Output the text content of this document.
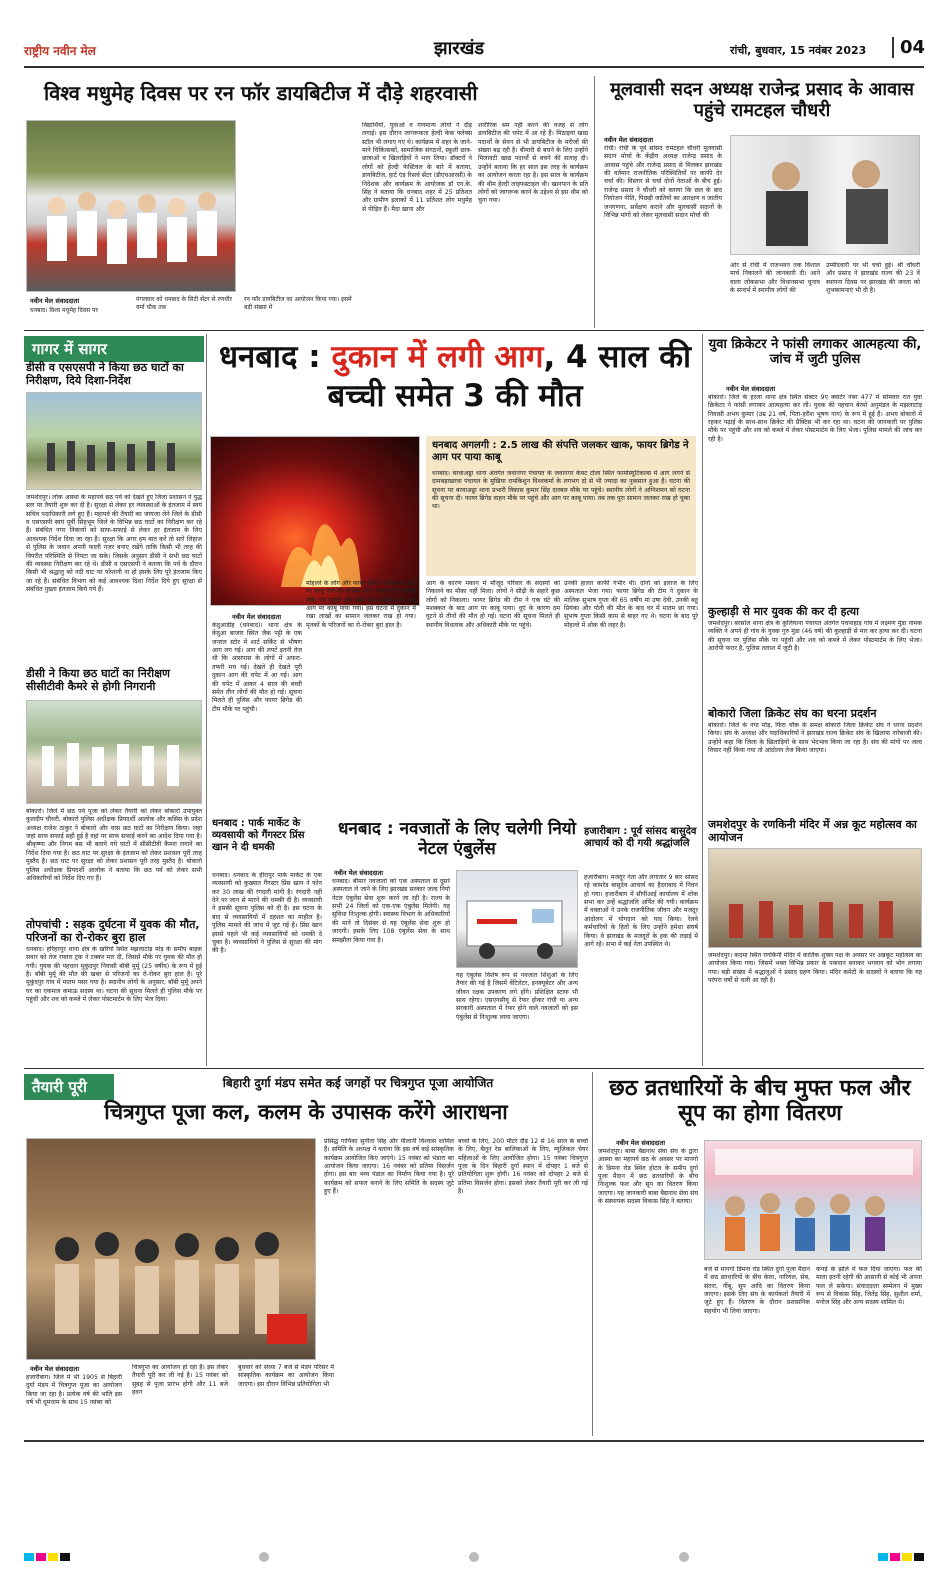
राष्ट्रीय नवीन मेल	झारखंड	रांची, बुधवार, 15 नवंबर 2023	04
विश्व मधुमेह दिवस पर रन फॉर डायबिटीज में दौड़े शहरवासी
नवीन मेल संवाददाता
धनबाद। विश्व मधुमेह दिवस पर
मंगलवार को धनबाद के सिटी सेंटर से रणधीर वर्मा चौक तक
रन फॉर डायबिटीज का आयोजन किया गया। इसमें बड़ी संख्या में
विद्यार्थियों, युवाओं व गणमान्य लोगों ने दौड़ लगाई। इस दौरान जागरूकता हेल्दी केक फ्लेक्स स्टॉल भी लगाए गए थे। कार्यक्रम में शहर के जाने-माने चिकित्सकों, सामाजिक संगठनों, स्कूली छात्र-छात्राओं व खिलाड़ियों ने भाग लिया। डॉक्टरों ने लोगों को हेल्दी फेस्टिवल के बारे में बताया, डायबिटीज, हार्ट एंड रिसर्च सेंटर (डीएचआरसी) के निदेशक और कार्यक्रम के आयोजक डॉ एन.के. सिंह ने बताया कि धनबाद शहर में 25 प्रतिशत और ग्रामीण इलाकों में 11 प्रतिशत लोग मधुमेह से पीड़ित हैं। मैदा खाना और
शारीरिक श्रम नहीं करने की वजह से लोग डायबिटीज की चपेट में आ रहे हैं। मिठाइयां खाद्य पदार्थों के सेवन से भी डायबिटीज के मरीजों की संख्या बढ़ रही है। बीमारी से बचने के लिए उन्होंने मिलावटी खाद्य पदार्थों से बचने की सलाह दी। उन्होंने बताया कि हर साल इस तरह के कार्यक्रम का आयोजन करता रहा है। इस साल के कार्यक्रम की थीम हेल्दी लाइफस्टाइल थी। खानपान के प्रति लोगों को जागरूक करने के उद्देश्य से इस थीम को चुना गया।
मूलवासी सदन अध्यक्ष राजेन्द्र प्रसाद के आवास पहुंचे रामटहल चौधरी
नवीन मेल संवाददाता
रांची। रांची के पूर्व सांसद रामटहल चौधरी मूलवासी सदान मोर्चा के केंद्रीय अध्यक्ष राजेन्द्र प्रसाद के आवास पहुंचे और राजेन्द्र प्रसाद से मिलकर झारखंड की वर्तमान राजनीतिक परिस्थितियों पर काफी देर चर्चा की। विस्तार से चर्चा दोनों नेताओं के बीच हुई। राजेन्द्र प्रसाद ने चौधरी को बताया कि छल के बाद नियोजन नीति, पिछड़ी जातियों का आरक्षण व जातीय जनगणना, सर्वेक्षण कराने और मूलवासी सदानों के विभिन्न मांगों को लेकर मूलवासी सदान मोर्चा की
ओर से रांची में राजभवन तक विशाल मार्च निकालने की जानकारी दी। आने वाला लोकसभा और विधानसभा चुनाव के सन्दर्भ में स्थानीय लोगों की
उम्मीदवारी पर भी चर्चा हुई। श्री चौधरी और प्रसाद ने झारखंड राज्य की 23 वें स्थापना दिवस पर झारखंड की जनता को शुभकामनाएं भी दी है।
गागर में सागर
डीसी व एसएसपी ने किया छठ घाटों का निरीक्षण, दिये दिशा-निर्देश
जमशेदपुर। लोक आस्था के महापर्व छठ पर्व को देखते हुए जिला प्रशासन ने युद्ध स्तर पर तैयारी शुरू कर दी है। सुरक्षा से लेकर हर व्यवस्थाओं के इंतजाम में स्वयं सचिव पदाधिकारी लगे हुए हैं। महापर्व की तैयारी का जायजा लेने जिले के डीसी व एसएसपी स्वयं पूर्वी सिंहभूम जिले के विभिन्न छठ घाटों का निरीक्षण कर रहे हैं। संबंधित नगर निकायों को साफ-सफाई से लेकर हर इंतजाम के लिए आवश्यक निर्देश दिया जा रहा है। सुरक्षा कि अगर हम बात करें तो सारे लिहाज से पुलिस के जवान अपनी फाली नजर बनाए रखेंगे ताकि किसी भी तरह की विपरीत परिस्थिति से निपटा जा सके। जिसके अनुसार डीसी ने सभी छठ घाटों की व्यवस्था निरीक्षण कर रहे थे। डीसी व एसएसपी ने बताया कि पर्व के दौरान किसी भी श्रद्धालु को नदी घाट पर परेशानी ना हो इसके लिए पूरे इंतजाम किए जा रहे हैं। संबंधित विभाग को कई आवश्यक दिशा निर्देश दिये हुए सुरक्षा से संबंधित पुख्ता इंतजाम किये गये हैं।
डीसी ने किया छठ घाटों का निरीक्षण सीसीटीवी कैमरे से होगी निगरानी
बोकारो। जिले में छठ पर्व पूजा को लेकर तैयारी को लेकर बोकारो उपायुक्त कुलदीप चौधरी, बोकारो पुलिस अधीक्षक प्रियदर्शी आलोक और कसिस के प्रदेश अध्यक्ष राजेश ठाकुर ने बोकारो और चास छठ घाटों का निरीक्षण किया। जहां जहां साफ सफाई सही हुई है वहां पर साफ सफाई करने का आदेश दिया गया है। श्रीकृष्णा और निगम बस भी बताये गये घाटों में सीसीटीवी कैमरा लगाने का निर्देश दिया गया है। छठ घाट पर सुरक्षा के इंतजाम को लेकर प्रशासन पूरी तरह मुस्तैद है। छठ घाट पर सुरक्षा को लेकर प्रशासन पूरी तरह मुस्तैद है। बोकारो पुलिस अधीक्षक प्रियदर्शी आलोक ने बताया कि छठ पर्व को लेकर सभी अधिकारियों को निर्देश दिए गए हैं।
तोपचांची : सड़क दुर्घटना में युवक की मौत, परिजनों का रो-रोकर बुरा हाल
धनबाद। हरिहरपुर थाना क्षेत्र के खरियो स्थित मझलाटांड़ मोड़ के समीप बाइक सवार को तेज रफ्तार ट्रक ने टक्कर मार दी, जिससे मौके पर युवक की मौत हो गयी। युवक की पहचान मुकुंदपुर निवासी बॉबी मुर्मू (25 वर्षीय) के रूप में हुई है। बॉबी मुर्मू की मौत की खबर से परिजनों का रो-रोकर बुरा हाल है। पूरे मुकुंदपुर गांव में मातम पसर गया है। स्थानीय लोगों के अनुसार, बॉबी मुर्मू अपने घर का एकमात्र कमाऊ सदस्य था। घटना की सूचना मिलते ही पुलिस मौके पर पहुंची और शव को कब्जे में लेकर पोस्टमार्टम के लिए भेज दिया।
धनबाद : दुकान में लगी आग, 4 साल की बच्ची समेत 3 की मौत
धनबाद अगलगी : 2.5 लाख की संपत्ति जलकर खाक, फायर ब्रिगेड ने आग पर पाया काबू
धनबाद। बरवाअड्डा थाना अंतर्गत जवानगर पंचायत के जवानगर केवट टोला स्थित फार्मास्यूटिकल्स में आग लगने से दामबड़ाखरवा पंचायत के मुखिया रामकिशुन विश्वकर्मा के लगभग दो से भी ज्यादा का नुकसान हुआ है। घटना की सूचना पर बरवाअड्डा थाना प्रभारी विकास कुमार सिंह दलबल मौके पर पहुंचे। स्थानीय लोगों ने अग्निशमन को घटना की सूचना दी। फायर ब्रिगेड वाहन मौके पर पहुंचे और आग पर काबू पाया। तब तक पूरा सामान जलकर राख हो चुका था।
नवीन मेल संवाददाता
केंदुआडीह (धनबाद)। थाना क्षेत्र के केंदुआ बाजार स्थित जैक पट्टी के एक जनरल स्टोर में शार्ट सर्किट से भीषण आग लग गई। आग की लपटें इतनी तेज थी कि आसपास के लोगों में अफरा-तफरी मच गई। देखते ही देखते पूरी दुकान आग की चपेट में आ गई। आग की चपेट में आकर 4 साल की बच्ची समेत तीन लोगों की मौत हो गई। सूचना मिलते ही पुलिस और फायर ब्रिगेड की टीम मौके पर पहुंची।
मोहल्ले के लोग और फायर ब्रिगेड ने मिलकर आग पर काबू पाने की कोशिश की। दमकल की गाड़ियां मौके पर पहुंची और घंटों की मशक्कत के बाद आग पर काबू पाया गया। इस घटना में दुकान में रखा लाखों का सामान जलकर राख हो गया। मृतकों के परिजनों का रो-रोकर बुरा हाल है।
आग के कारण मकान में मौजूद परिवार के सदस्यों को निकलने का मौका नहीं मिला। लोगों ने सीढ़ी के सहारे कुछ लोगों को निकाला। फायर ब्रिगेड की टीम ने एक घंटे की मशक्कत के बाद आग पर काबू पाया। धुएं के कारण दम घुटने से तीनों की मौत हो गई। घटना की सूचना मिलते ही स्थानीय विधायक और अधिकारी मौके पर पहुंचे।
उनकी हालत काफी गंभीर थी। दोनों को इलाज के लिए अस्पताल भेजा गया। फायर ब्रिगेड की टीम ने दुकान के मालिक सुभाष गुप्ता की 65 वर्षीय मां उषा देवी, उनकी बहू प्रियंका और पोती की मौत के बाद घर में मातम छा गया। सुभाष गुप्ता किसी काम से बाहर गए थे। घटना के बाद पूरे मोहल्ले में शोक की लहर है।
धनबाद : पार्क मार्केट के व्यवसायी को गैंगस्टर प्रिंस खान ने दी धमकी
धनबाद। धनबाद के हीरापुर पार्क मार्केट के एक व्यवसायी को कुख्यात गैंगस्टर प्रिंस खान ने फोन कर 30 लाख की रंगदारी मांगी है। रंगदारी नहीं देने पर जान से मारने की धमकी दी है। व्यवसायी ने इसकी सूचना पुलिस को दी है। इस घटना के बाद से व्यवसायियों में दहशत का माहौल है। पुलिस मामले की जांच में जुट गई है। प्रिंस खान इससे पहले भी कई व्यवसायियों को धमकी दे चुका है। व्यवसायियों ने पुलिस से सुरक्षा की मांग की है।
धनबाद : नवजातों के लिए चलेगी नियो नेटल एंबुलेंस
नवीन मेल संवाददाता
धनबाद। बीमार नवजातों को एक अस्पताल से दूसरे अस्पताल ले जाने के लिए झारखंड सरकार जल्द नियो नेटल एंबुलेंस सेवा शुरू करने जा रही है। राज्य के सभी 24 जिलों को एक-एक एंबुलेंस मिलेगी। यह सुविधा निःशुल्क होगी। स्वास्थ्य विभाग के अधिकारियों की मानें तो दिसंबर से यह एंबुलेंस सेवा शुरू हो जाएगी। इसके लिए 108 एंबुलेंस सेवा के साथ समझौता किया गया है।
यह एंबुलेंस विशेष रूप से नवजात शिशुओं के लिए तैयार की गई है जिसमें वेंटिलेटर, इनक्यूबेटर और अन्य जीवन रक्षक उपकरण लगे होंगे। प्रशिक्षित स्टाफ भी साथ रहेगा। एसएनसीयू से रेफर होकर रांची या अन्य सरकारी अस्पताल में रेफर होने वाले नवजातों को इस एंबुलेंस से निःशुल्क लाया जाएगा।
हजारीबाग : पूर्व सांसद बासुदेव आचार्य को दी गयी श्रद्धांजलि
हजारीबाग। मजदूर नेता और लगातार 9 बार सांसद रहे कामरेड बासुदेव आचार्य का हैदराबाद में निधन हो गया। हजारीबाग में सीपीआई कार्यालय में शोक सभा कर उन्हें श्रद्धांजलि अर्पित की गयी। कार्यक्रम में वक्ताओं ने उनके राजनीतिक जीवन और मजदूर आंदोलन में योगदान को याद किया। रेलवे कर्मचारियों के हितों के लिए उन्होंने हमेशा संघर्ष किया। वे झारखंड के मजदूरों के हक की लड़ाई में आगे रहे। सभा में कई नेता उपस्थित थे।
युवा क्रिकेटर ने फांसी लगाकर आत्महत्या की, जांच में जुटी पुलिस
नवीन मेल संवाददाता
बोकारो। जिले के हरला थाना क्षेत्र स्थित सेक्टर 9ए क्वार्टर नंबर 477 में सोमवार रात युवा क्रिकेटर ने फांसी लगाकर आत्महत्या कर ली। युवक की पहचान बेरमो अनुमंडल के मझलाटांड़ निवासी अभय कुमार (उम्र 21 वर्ष, पिता-हरीश भूषण नाग) के रूप में हुई है। अभय बोकारो में रहकर पढ़ाई के साथ-साथ क्रिकेट की प्रैक्टिस भी कर रहा था। घटना की जानकारी पर पुलिस मौके पर पहुंची और शव को कब्जे में लेकर पोस्टमार्टम के लिए भेजा। पुलिस मामले की जांच कर रही है।
कुल्हाड़ी से मार युवक की कर दी हत्या
जमशेदपुर। बरसोल थाना क्षेत्र के कुलियाना पंचायत अंतर्गत पचपाहाड़ गांव में लक्ष्मण मुंडा नामक व्यक्ति ने अपने ही गांव के युवक गुरु मुंडा (46 वर्ष) की कुल्हाड़ी से मार कर हत्या कर दी। घटना की सूचना पर पुलिस मौके पर पहुंची और शव को कब्जे में लेकर पोस्टमार्टम के लिए भेजा। आरोपी फरार है, पुलिस तलाश में जुटी है।
बोकारो जिला क्रिकेट संघ का धरना प्रदर्शन
बोकारो। जिले के नया मोड़, फिरा चौक के समक्ष बोकारो जिला क्रिकेट संघ ने धरना प्रदर्शन किया। संघ के अध्यक्ष और पदाधिकारियों ने झारखंड राज्य क्रिकेट संघ के खिलाफ नारेबाजी की। उन्होंने कहा कि जिला के खिलाड़ियों के साथ भेदभाव किया जा रहा है। संघ की मांगों पर जल्द विचार नहीं किया गया तो आंदोलन तेज किया जाएगा।
जमशेदपुर के रणकिनी मंदिर में अन्न कूट महोत्सव का आयोजन
जमशेदपुर। कदमा स्थित रणकिनी मंदिर में कार्तिक शुक्ल पक्ष के अवसर पर अन्नकूट महोत्सव का आयोजन किया गया। जिसमें भक्त विभिन्न प्रकार के पकवान बनाकर भगवान को भोग लगाया गया। बड़ी संख्या में श्रद्धालुओं ने प्रसाद ग्रहण किया। मंदिर कमेटी के सदस्यों ने बताया कि यह परंपरा वर्षों से चली आ रही है।
तैयारी पूरी	बिहारी दुर्गा मंडप समेत कई जगहों पर चित्रगुप्त पूजा आयोजित
चित्रगुप्त पूजा कल, कलम के उपासक करेंगे आराधना
प्रसिद्ध गायिका सुनीता सिंह और पीलानी विश्वास शामिल हैं। समिति के अध्यक्ष ने बताया कि इस वर्ष कई सांस्कृतिक कार्यक्रम आयोजित किए जाएंगे। 15 नवंबर को भंडारा का आयोजन किया जाएगा। 16 नवंबर को प्रतिमा विसर्जन होगा। इस बार भव्य पंडाल का निर्माण किया गया है। पूरे कार्यक्रम को सफल बनाने के लिए समिति के सदस्य जुटे हुए हैं।
बच्चों के लिए, 200 मीटर दौड़ 12 से 16 साल के बच्चों के लिए, बैलून रेस बालिकाओं के लिए, म्यूजिकल चेयर महिलाओं के लिए आयोजित होगा। 15 नवंबर चित्रगुप्त पूजा के दिन बिहारी दुर्गा स्थान में दोपहर 1 बजे से प्रतियोगिता शुरू होगी। 16 नवंबर को दोपहर 2 बजे से प्रतिमा विसर्जन होगा। इसको लेकर तैयारी पूरी कर ली गई है।
नवीन मेल संवाददाता
हजारीबाग। जिले में भी 1905 से बिहारी दुर्गा मंडप में चित्रगुप्त पूजा का आयोजन किया जा रहा है। प्रत्येक वर्ष की भांति इस वर्ष भी धूमधाम के साथ 15 नवंबर को
चित्रगुप्त का आयोजन हो रहा है। इस लेकर तैयारी पूरी कर ली गई है। 15 नवंबर को सुबह से पूजा प्रारंभ होगी और 11 बजे हवन
बुधवार को संध्या 7 बजे से मंडप परिसर में सांस्कृतिक कार्यक्रम का आयोजन किया जाएगा। इस दौरान विभिन्न प्रतियोगिता भी
छठ व्रतधारियों के बीच मुफ्त फल और सूप का होगा वितरण
नवीन मेल संवाददाता
जमशेदपुर। बाबा बैद्यनाथ सेवा संघ के द्वारा आस्था का महापर्व छठ के अवसर पर मानगो के डिमना रोड स्थित होटल के समीप दुर्गा पूजा मैदान में छठ व्रतधारियों के बीच निःशुल्क फल और सूप का वितरण किया जाएगा। यह जानकारी बाबा बैद्यनाथ सेवा संघ के संस्थापक सदस्य विकास सिंह ने बताया।
बजे से मानगो डिमना रोड स्थित दुर्गा पूजा मैदान में छठ व्रतधारियों के बीच केला, नारियल, सेब, संतरा, नींबू, सूप आदि का वितरण किया जाएगा। इसके लिए संघ के कार्यकर्ता तैयारी में जुटे हुए हैं। वितरण के दौरान प्रशासनिक सहयोग भी लिया जाएगा।
कपड़े के झोले में फल दिया जाएगा। फल की माला इतनी रहेगी की आसानी से कोई भी अपना फल ले सकेगा। संवाददाता सम्मेलन में मुख्य रूप से विकास सिंह, जितेंद्र सिंह, सुशील शर्मा, मनोज सिंह और अन्य सदस्य शामिल थे।
